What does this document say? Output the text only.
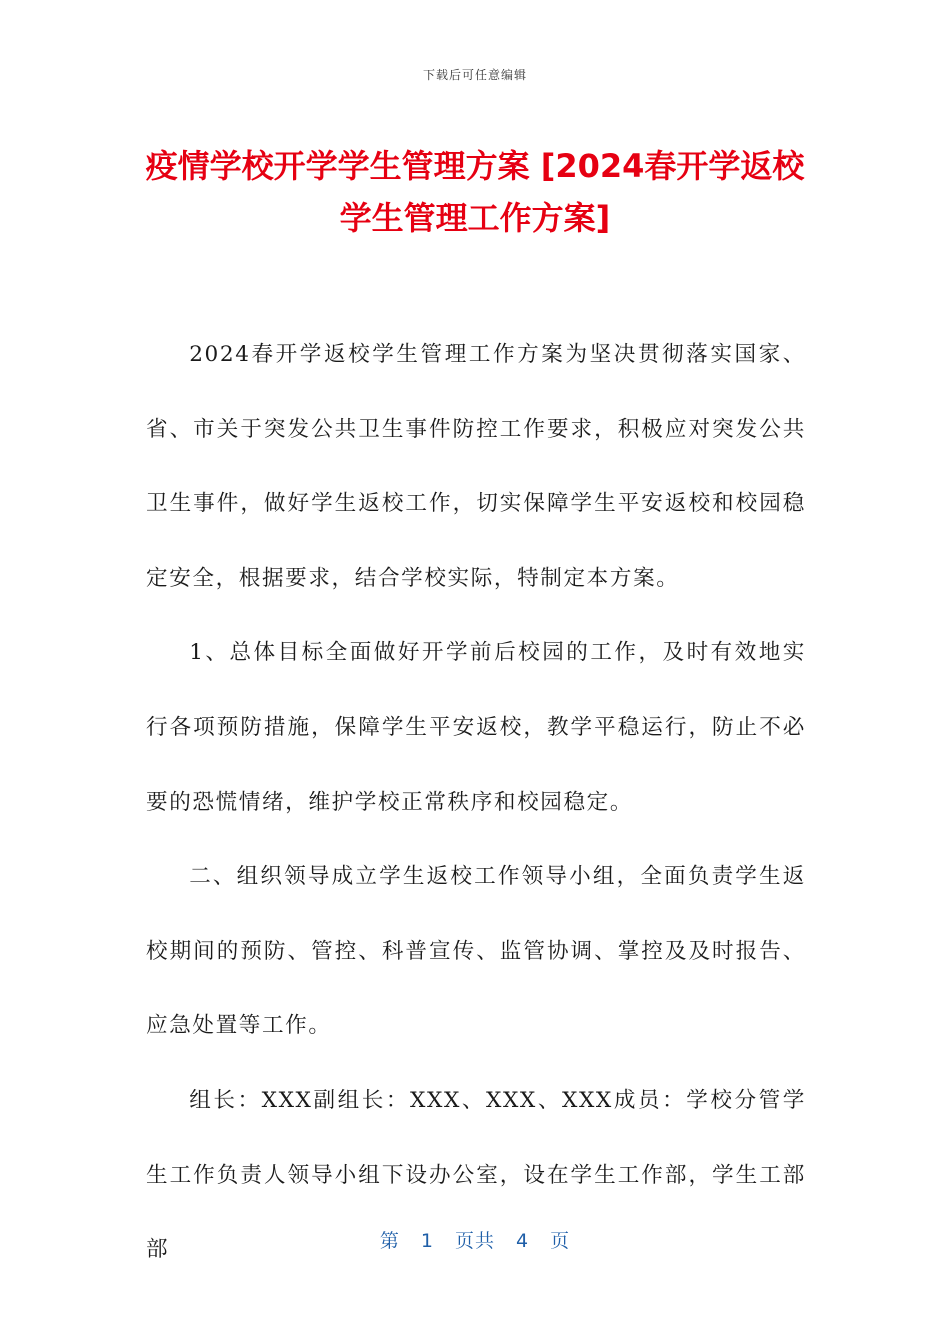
下载后可任意编辑
疫情学校开学学生管理方案 [2024春开学返校学生管理工作方案]

2024春开学返校学生管理工作方案为坚决贯彻落实国家、省、市关于突发公共卫生事件防控工作要求，积极应对突发公共卫生事件，做好学生返校工作，切实保障学生平安返校和校园稳定安全，根据要求，结合学校实际，特制定本方案。

1、总体目标全面做好开学前后校园的工作，及时有效地实行各项预防措施，保障学生平安返校，教学平稳运行，防止不必要的恐慌情绪，维护学校正常秩序和校园稳定。

二、组织领导成立学生返校工作领导小组，全面负责学生返校期间的预防、管控、科普宣传、监管协调、掌控及及时报告、应急处置等工作。

组长：XXX副组长：XXX、XXX、XXX成员：学校分管学生工作负责人领导小组下设办公室，设在学生工作部，学生工部部	第 1 页共 4 页
